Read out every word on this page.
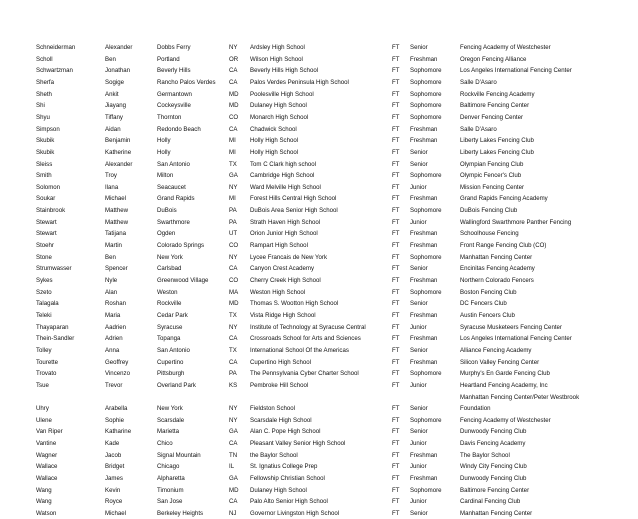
Schneiderman	Alexander	Dobbs Ferry	NY	Ardsley High School	FT	Senior	Fencing Academy of Westchester
Scholl	Ben	Portland	OR	Wilson High School	FT	Freshman	Oregon Fencing Alliance
Schwartzman	Jonathan	Beverly Hills	CA	Beverly Hills High School	FT	Sophomore	Los Angeles International Fencing Center
Sherfa	Sogige	Rancho Palos Verdes	CA	Palos Verdes Peninsula High School	FT	Sophomore	Salle D'Asaro
Sheth	Ankit	Germantown	MD	Poolesville High School	FT	Sophomore	Rockville Fencing Academy
Shi	Jiayang	Cockeysville	MD	Dulaney High School	FT	Sophomore	Baltimore Fencing Center
Shyu	Tiffany	Thornton	CO	Monarch High School	FT	Sophomore	Denver Fencing Center
Simpson	Aidan	Redondo Beach	CA	Chadwick School	FT	Freshman	Salle D'Asaro
Skubik	Benjamin	Holly	MI	Holly High School	FT	Freshman	Liberty Lakes Fencing Club
Skubik	Katherine	Holly	MI	Holly High School	FT	Senior	Liberty Lakes Fencing Club
Sleiss	Alexander	San Antonio	TX	Tom C Clark high school	FT	Senior	Olympian Fencing Club
Smith	Troy	Milton	GA	Cambridge High School	FT	Sophomore	Olympic Fencer's Club
Solomon	Ilana	Seacaucet	NY	Ward Melville High School	FT	Junior	Mission Fencing Center
Soukar	Michael	Grand Rapids	MI	Forest Hills Central High School	FT	Freshman	Grand Rapids Fencing Academy
Stainbrook	Matthew	DuBois	PA	DuBois Area Senior High School	FT	Sophomore	DuBois Fencing Club
Stewart	Matthew	Swarthmore	PA	Strath Haven High School	FT	Junior	Wallingford Swarthmore Panther Fencing
Stewart	Tatijana	Ogden	UT	Orion Junior High School	FT	Freshman	Schoolhouse Fencing
Stoehr	Martin	Colorado Springs	CO	Rampart High School	FT	Freshman	Front Range Fencing Club (CO)
Stone	Ben	New York	NY	Lycee Francais de New York	FT	Sophomore	Manhattan Fencing Center
Strumwasser	Spencer	Carlsbad	CA	Canyon Crest Academy	FT	Senior	Encinitas Fencing Academy
Sykes	Nyle	Greenwood Village	CO	Cherry Creek High School	FT	Freshman	Northern Colorado Fencers
Szeto	Alan	Weston	MA	Weston High School	FT	Sophomore	Boston Fencing Club
Talagala	Roshan	Rockville	MD	Thomas S. Wootton High School	FT	Senior	DC Fencers Club
Teleki	Maria	Cedar Park	TX	Vista Ridge High School	FT	Freshman	Austin Fencers Club
Thayaparan	Aadrien	Syracuse	NY	Institute of Technology at Syracuse Central	FT	Junior	Syracuse Musketeers Fencing Center
Thein-Sandler	Adrien	Topanga	CA	Crossroads School for Arts and Sciences	FT	Freshman	Los Angeles International Fencing Center
Tolley	Anna	San Antonio	TX	International School Of the Americas	FT	Senior	Alliance Fencing Academy
Tourette	Geoffrey	Cupertino	CA	Cupertino High School	FT	Freshman	Silicon Valley Fencing Center
Trovato	Vincenzo	Pittsburgh	PA	The Pennsylvania Cyber Charter School	FT	Sophomore	Murphy's En Garde Fencing Club
Tsue	Trevor	Overland Park	KS	Pembroke Hill School	FT	Junior	Heartland Fencing Academy, Inc
Manhattan Fencing Center/Peter Westbrook
Uhry	Arabella	New York	NY	Fieldston School	FT	Senior	Foundation
Ulene	Sophie	Scarsdale	NY	Scarsdale High School	FT	Sophomore	Fencing Academy of Westchester
Van Riper	Katharine	Marietta	GA	Alan C. Pope High School	FT	Senior	Dunwoody Fencing Club
Vantine	Kade	Chico	CA	Pleasant Valley Senior High School	FT	Junior	Davis Fencing Academy
Wagner	Jacob	Signal Mountain	TN	the Baylor School	FT	Freshman	The Baylor School
Wallace	Bridget	Chicago	IL	St. Ignatius College Prep	FT	Junior	Windy City Fencing Club
Wallace	James	Alpharetta	GA	Fellowship Christian School	FT	Freshman	Dunwoody Fencing Club
Wang	Kevin	Timonium	MD	Dulaney High School	FT	Sophomore	Baltimore Fencing Center
Wang	Royce	San Jose	CA	Palo Alto Senior High School	FT	Junior	Cardinal Fencing Club
Watson	Michael	Berkeley Heights	NJ	Governor Livingston High School	FT	Senior	Manhattan Fencing Center
